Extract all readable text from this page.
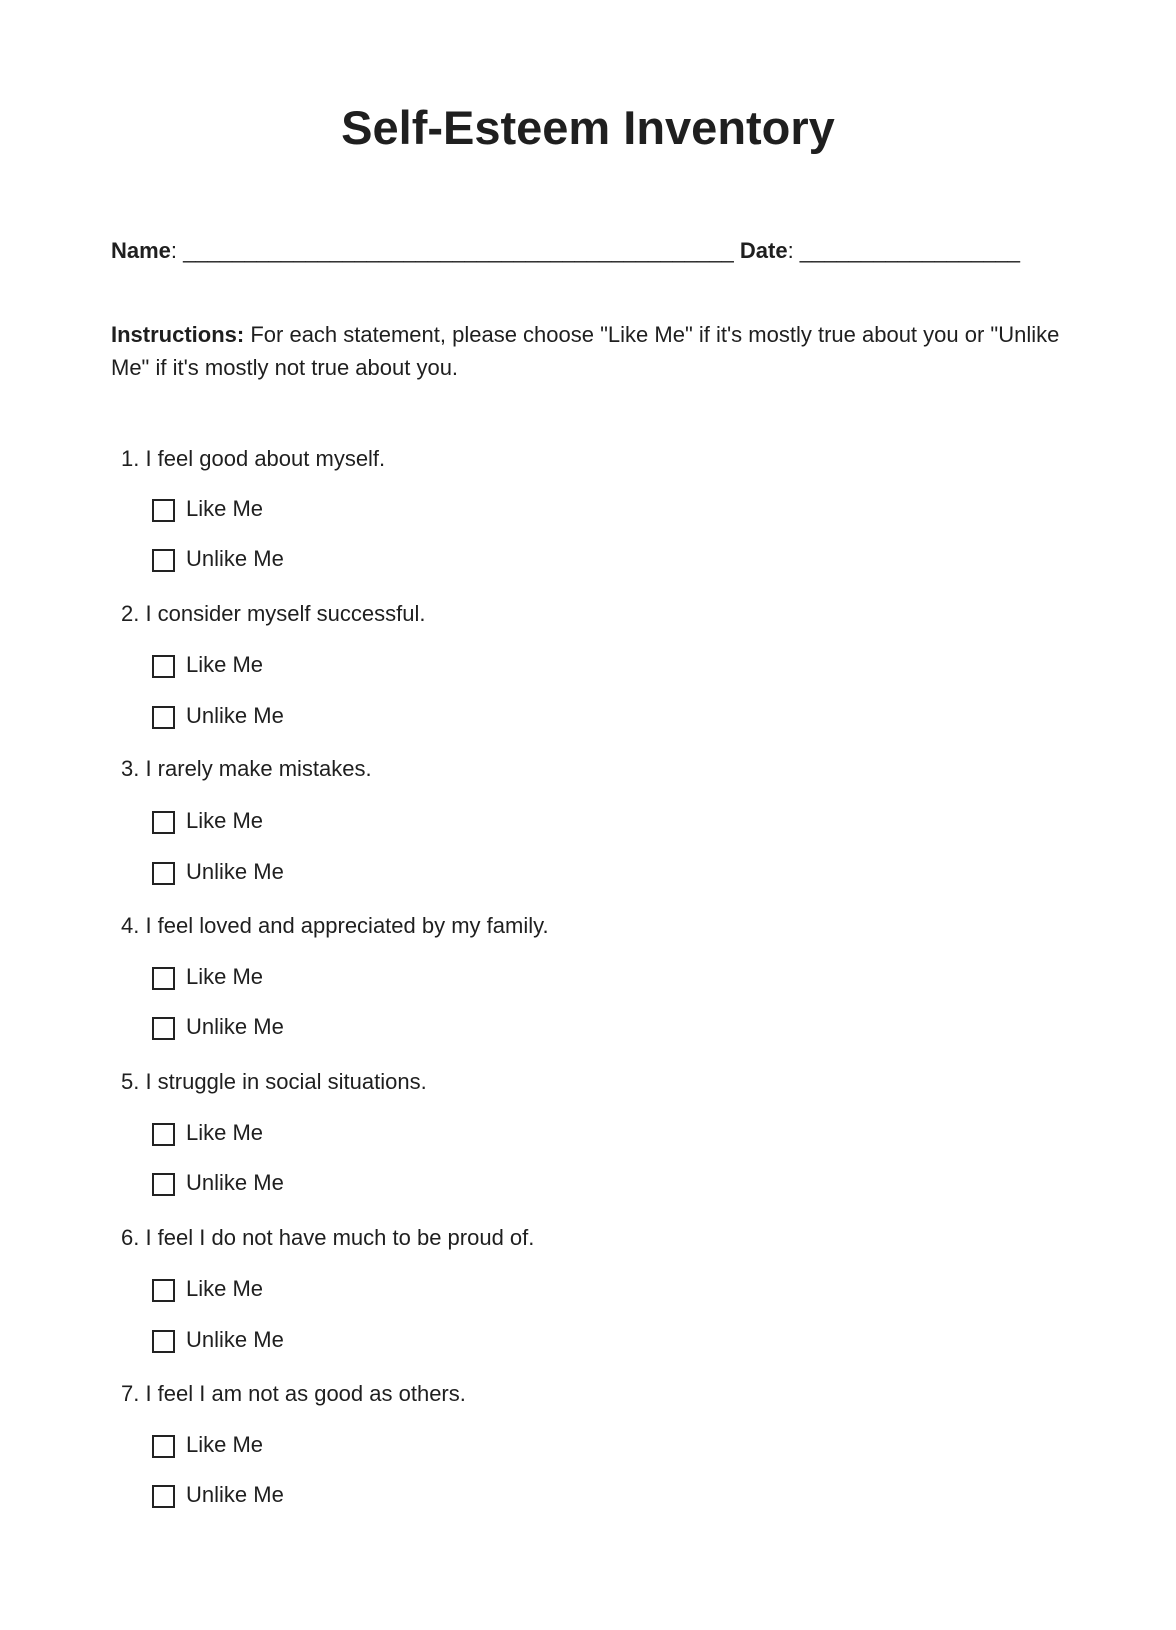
Self-Esteem Inventory
Name: _____________________________________________ Date: __________________
Instructions: For each statement, please choose "Like Me" if it's mostly true about you or "Unlike Me" if it's mostly not true about you.
1. I feel good about myself.
Like Me
Unlike Me
2. I consider myself successful.
Like Me
Unlike Me
3. I rarely make mistakes.
Like Me
Unlike Me
4. I feel loved and appreciated by my family.
Like Me
Unlike Me
5. I struggle in social situations.
Like Me
Unlike Me
6. I feel I do not have much to be proud of.
Like Me
Unlike Me
7. I feel I am not as good as others.
Like Me
Unlike Me
